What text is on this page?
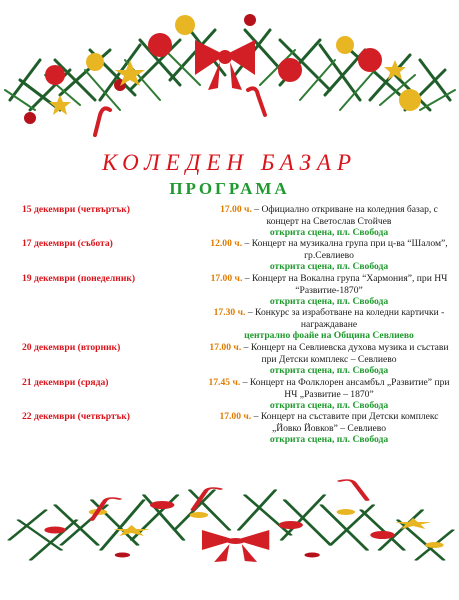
КОЛЕДЕН БАЗАР
ПРОГРАМА
15 декември (четвъртък)	17.00 ч. – Официално откриване на коледния базар, с концерт на Светослав Стойчев
открита сцена, пл. Свобода
17 декември (събота)	12.00 ч. – Концерт на музикална група при ц-ва “Шалом”, гр.Севлиево
открита сцена, пл. Свобода
19 декември (понеделник)	17.00 ч. – Концерт на Вокална група “Хармония”, при НЧ “Развитие-1870”
открита сцена, пл. Свобода
17.30 ч. – Конкурс за изработване на коледни картички - награждаване
централно фоайе на Община Севлиево
20 декември (вторник)	17.00 ч. – Концерт на Севлиевска духова музика и състави при Детски комплекс – Севлиево
открита сцена, пл. Свобода
21 декември (сряда)	17.45 ч. – Концерт на Фолклорен ансамбъл „Развитие” при НЧ „Развитие – 1870”
открита сцена, пл. Свобода
22 декември (четвъртък)	17.00 ч. – Концерт на съставите при Детски комплекс „Йовко Йовков” – Севлиево
открита сцена, пл. Свобода
